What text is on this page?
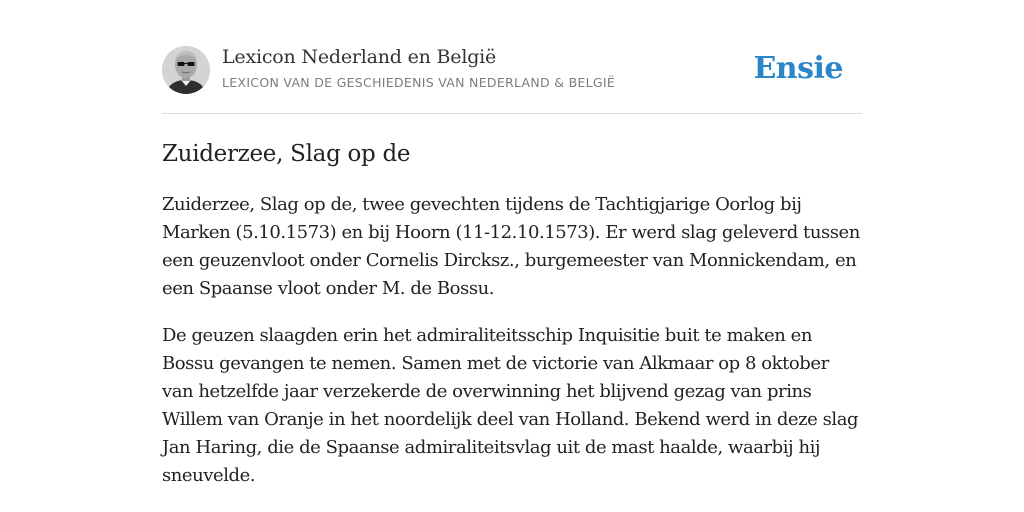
Lexicon Nederland en België
LEXICON VAN DE GESCHIEDENIS VAN NEDERLAND & BELGIË	Ensie
Zuiderzee, Slag op de

Zuiderzee, Slag op de, twee gevechten tijdens de Tachtigjarige Oorlog bij Marken (5.10.1573) en bij Hoorn (11-12.10.1573). Er werd slag geleverd tussen een geuzenvloot onder Cornelis Dircksz., burgemeester van Monnickendam, en een Spaanse vloot onder M. de Bossu.

De geuzen slaagden erin het admiraliteitsschip Inquisitie buit te maken en Bossu gevangen te nemen. Samen met de victorie van Alkmaar op 8 oktober van hetzelfde jaar verzekerde de overwinning het blijvend gezag van prins Willem van Oranje in het noordelijk deel van Holland. Bekend werd in deze slag Jan Haring, die de Spaanse admiraliteitsvlag uit de mast haalde, waarbij hij sneuvelde.
